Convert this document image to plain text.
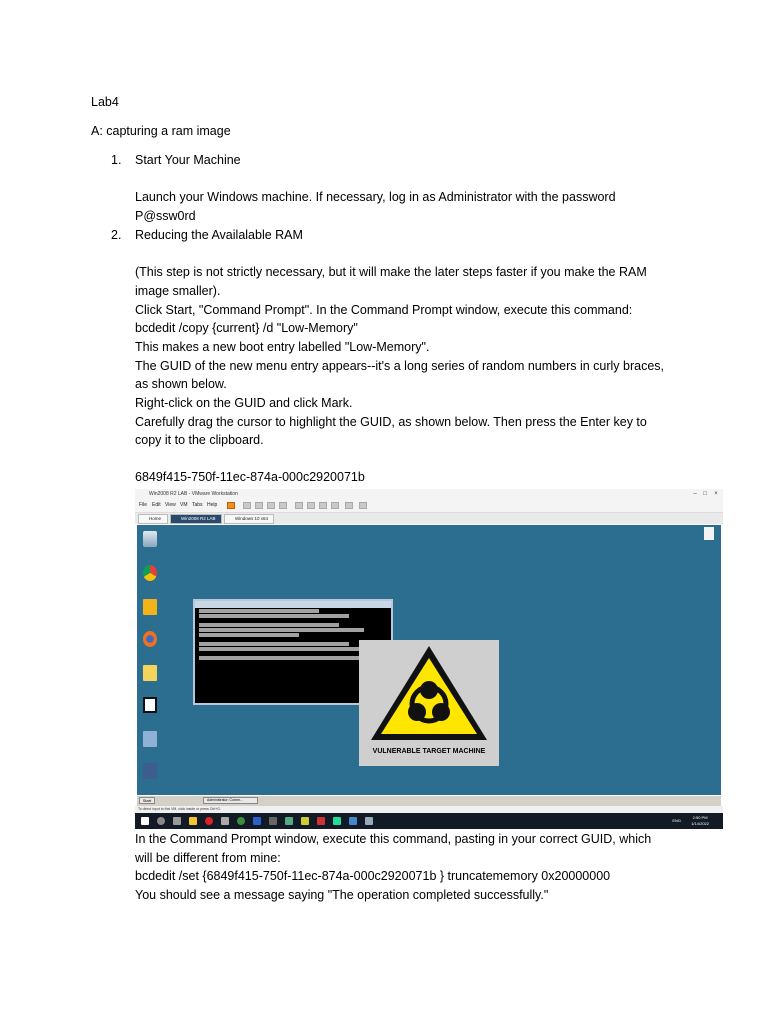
Lab4
A: capturing a ram image
1. Start Your Machine
Launch your Windows machine. If necessary, log in as Administrator with the password
P@ssw0rd
2. Reducing the Availalable RAM
(This step is not strictly necessary, but it will make the later steps faster if you make the RAM
image smaller).
Click Start, "Command Prompt". In the Command Prompt window, execute this command:
bcdedit /copy {current} /d "Low-Memory"
This makes a new boot entry labelled "Low-Memory".
The GUID of the new menu entry appears--it's a long series of random numbers in curly braces,
as shown below.
Right-click on the GUID and click Mark.
Carefully drag the cursor to highlight the GUID, as shown below. Then press the Enter key to
copy it to the clipboard.
6849f415-750f-11ec-874a-000c2920071b
Win2008 R2 LAB - VMware Workstation	–	□	×
File Edit View VM Tabs Help
Home	Win2008 R2 LAB	Windows 10 x64
VULNERABLE TARGET MACHINE
Start	Administrator: Comm...
To direct input to this VM, click inside or press Ctrl+G.
2:50 PM
1/14/2022
ENG
In the Command Prompt window, execute this command, pasting in your correct GUID, which
will be different from mine:
bcdedit /set {6849f415-750f-11ec-874a-000c2920071b } truncatememory 0x20000000
You should see a message saying "The operation completed successfully."
